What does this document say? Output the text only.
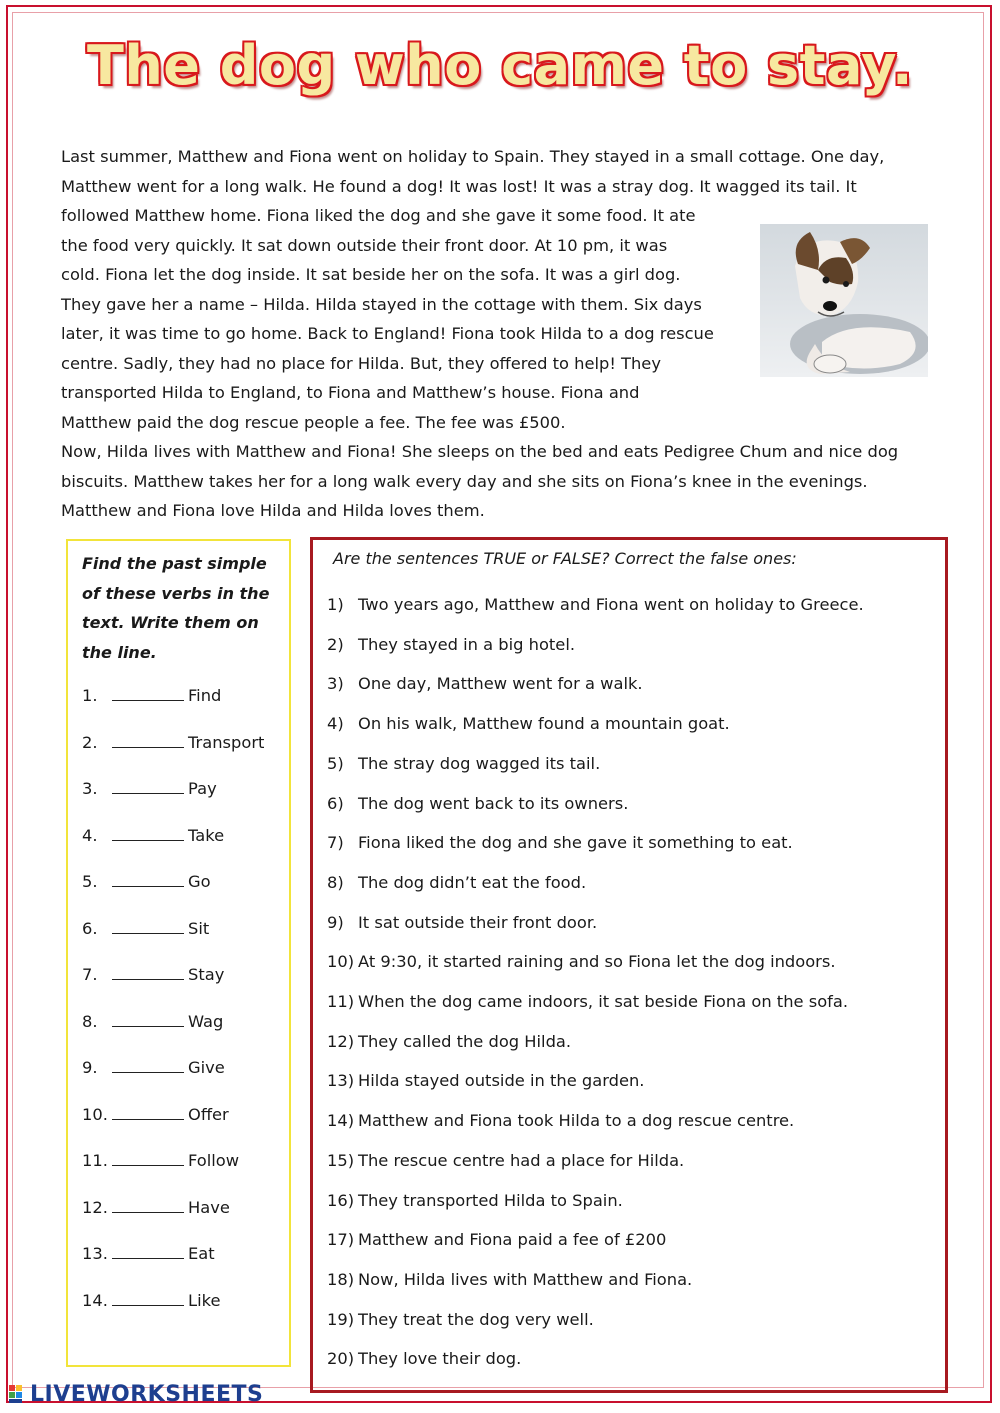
The dog who came to stay.
Last summer, Matthew and Fiona went on holiday to Spain. They stayed in a small cottage. One day,
Matthew went for a long walk. He found a dog! It was lost! It was a stray dog. It wagged its tail. It
followed Matthew home. Fiona liked the dog and she gave it some food. It ate
the food very quickly. It sat down outside their front door. At 10 pm, it was
cold. Fiona let the dog inside. It sat beside her on the sofa. It was a girl dog.
They gave her a name – Hilda. Hilda stayed in the cottage with them. Six days
later, it was time to go home. Back to England! Fiona took Hilda to a dog rescue
centre. Sadly, they had no place for Hilda. But, they offered to help! They
transported Hilda to England, to Fiona and Matthew’s house. Fiona and
Matthew paid the dog rescue people a fee. The fee was £500.
Now, Hilda lives with Matthew and Fiona! She sleeps on the bed and eats Pedigree Chum and nice dog
biscuits. Matthew takes her for a long walk every day and she sits on Fiona’s knee in the evenings.
Matthew and Fiona love Hilda and Hilda loves them.
Find the past simple
of these verbs in the
text. Write them on
the line.
1.	Find
2.	Transport
3.	Pay
4.	Take
5.	Go
6.	Sit
7.	Stay
8.	Wag
9.	Give
10.	Offer
11.	Follow
12.	Have
13.	Eat
14.	Like
Are the sentences TRUE or FALSE? Correct the false ones:
1) Two years ago, Matthew and Fiona went on holiday to Greece.
2) They stayed in a big hotel.
3) One day, Matthew went for a walk.
4) On his walk, Matthew found a mountain goat.
5) The stray dog wagged its tail.
6) The dog went back to its owners.
7) Fiona liked the dog and she gave it something to eat.
8) The dog didn’t eat the food.
9) It sat outside their front door.
10) At 9:30, it started raining and so Fiona let the dog indoors.
11) When the dog came indoors, it sat beside Fiona on the sofa.
12) They called the dog Hilda.
13) Hilda stayed outside in the garden.
14) Matthew and Fiona took Hilda to a dog rescue centre.
15) The rescue centre had a place for Hilda.
16) They transported Hilda to Spain.
17) Matthew and Fiona paid a fee of £200
18) Now, Hilda lives with Matthew and Fiona.
19) They treat the dog very well.
20) They love their dog.
LIVEWORKSHEETS
